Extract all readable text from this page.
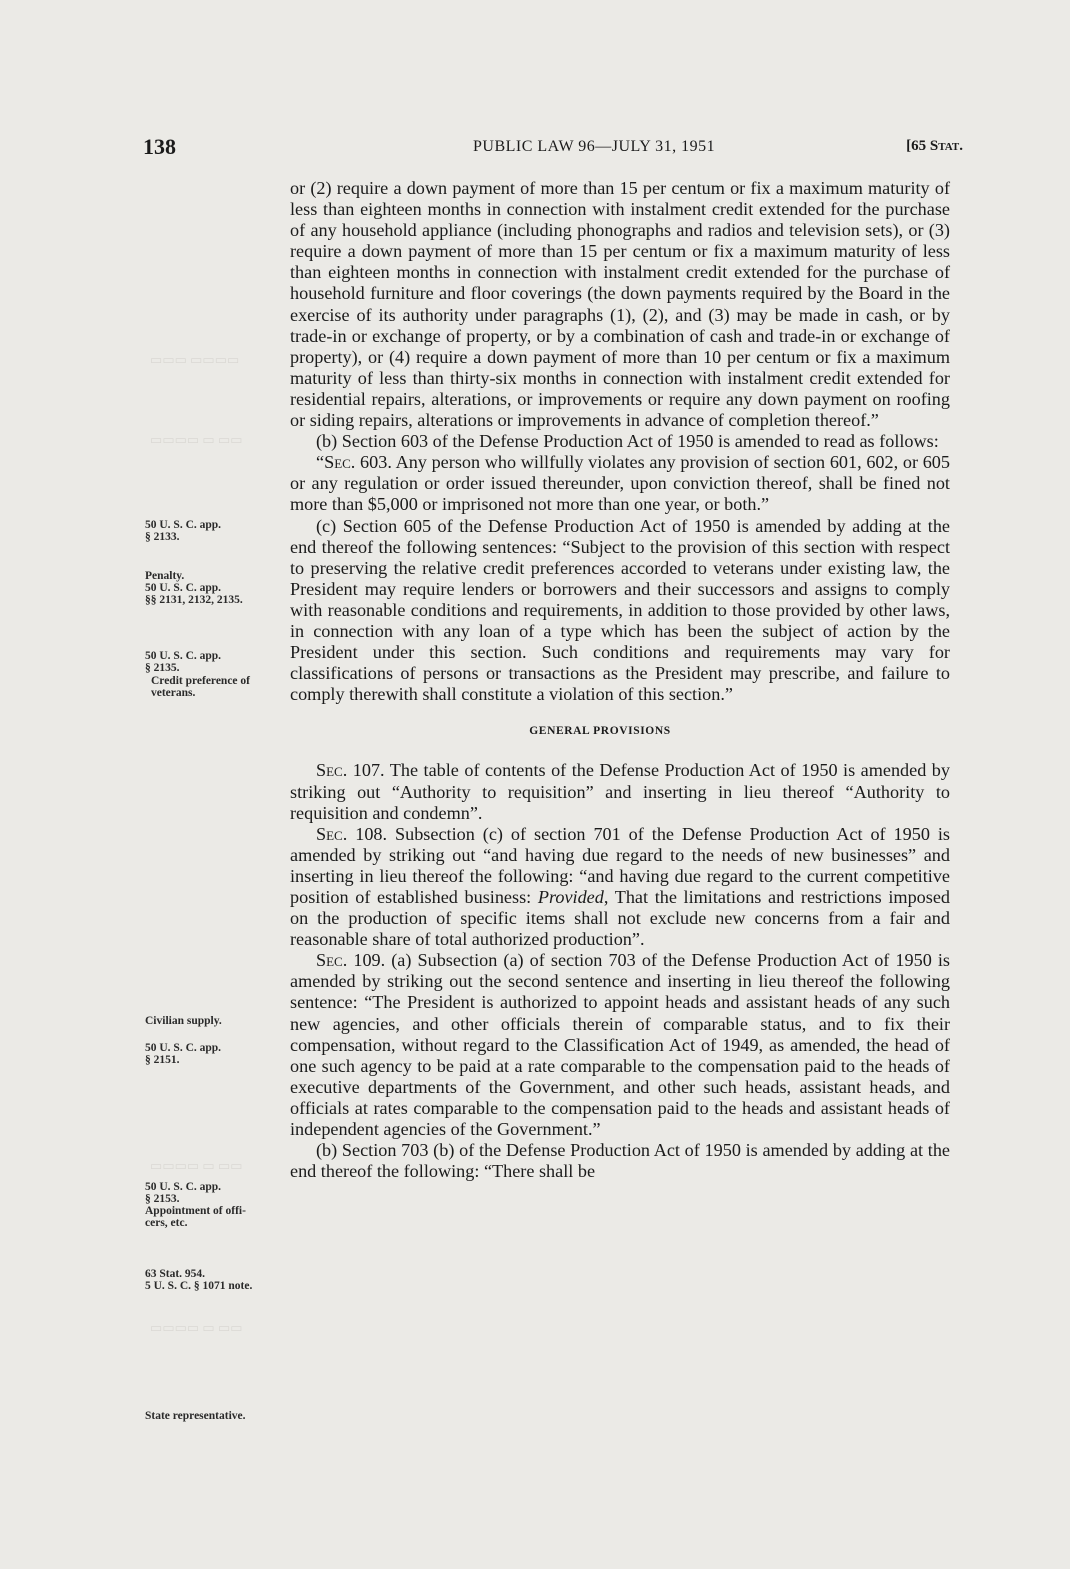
▭▭▭▭ ▭▭▭
▭▭ ▭ ▭▭▭▭
▭▭ ▭ ▭▭▭▭
▭▭ ▭ ▭▭▭▭
138	PUBLIC LAW 96—JULY 31, 1951	[65 Stat.
50 U. S. C. app.
§ 2133.
Penalty.
50 U. S. C. app.
§§ 2131, 2132, 2135.
50 U. S. C. app.
§ 2135.
Credit preference of
veterans.
Civilian supply.
50 U. S. C. app.
§ 2151.
50 U. S. C. app.
§ 2153.
Appointment of offi-
cers, etc.
63 Stat. 954.
5 U. S. C. § 1071 note.
State representative.

or (2) require a down payment of more than 15 per centum or fix a maximum maturity of less than eighteen months in connection with instalment credit extended for the purchase of any household appliance (including phonographs and radios and television sets), or (3) require a down payment of more than 15 per centum or fix a maximum maturity of less than eighteen months in connection with instalment credit extended for the purchase of household furniture and floor coverings (the down payments required by the Board in the exercise of its authority under paragraphs (1), (2), and (3) may be made in cash, or by trade-in or exchange of property, or by a combination of cash and trade-in or exchange of property), or (4) require a down payment of more than 10 per centum or fix a maximum maturity of less than thirty-six months in connection with instalment credit extended for residential repairs, alterations, or improvements or require any down payment on roofing or siding repairs, alterations or improvements in advance of completion thereof.”

(b) Section 603 of the Defense Production Act of 1950 is amended to read as follows:

“Sec. 603. Any person who willfully violates any provision of section 601, 602, or 605 or any regulation or order issued thereunder, upon conviction thereof, shall be fined not more than $5,000 or imprisoned not more than one year, or both.”

(c) Section 605 of the Defense Production Act of 1950 is amended by adding at the end thereof the following sentences: “Subject to the provision of this section with respect to preserving the relative credit preferences accorded to veterans under existing law, the President may require lenders or borrowers and their successors and assigns to comply with reasonable conditions and requirements, in addition to those provided by other laws, in connection with any loan of a type which has been the subject of action by the President under this section. Such conditions and requirements may vary for classifications of persons or transactions as the President may prescribe, and failure to comply therewith shall constitute a violation of this section.”

GENERAL PROVISIONS

Sec. 107. The table of contents of the Defense Production Act of 1950 is amended by striking out “Authority to requisition” and inserting in lieu thereof “Authority to requisition and condemn”.

Sec. 108. Subsection (c) of section 701 of the Defense Production Act of 1950 is amended by striking out “and having due regard to the needs of new businesses” and inserting in lieu thereof the following: “and having due regard to the current competitive position of established business: Provided, That the limitations and restrictions imposed on the production of specific items shall not exclude new concerns from a fair and reasonable share of total authorized production”.

Sec. 109. (a) Subsection (a) of section 703 of the Defense Production Act of 1950 is amended by striking out the second sentence and inserting in lieu thereof the following sentence: “The President is authorized to appoint heads and assistant heads of any such new agencies, and other officials therein of comparable status, and to fix their compensation, without regard to the Classification Act of 1949, as amended, the head of one such agency to be paid at a rate comparable to the compensation paid to the heads of executive departments of the Government, and other such heads, assistant heads, and officials at rates comparable to the compensation paid to the heads and assistant heads of independent agencies of the Government.”

(b) Section 703 (b) of the Defense Production Act of 1950 is amended by adding at the end thereof the following: “There shall be
